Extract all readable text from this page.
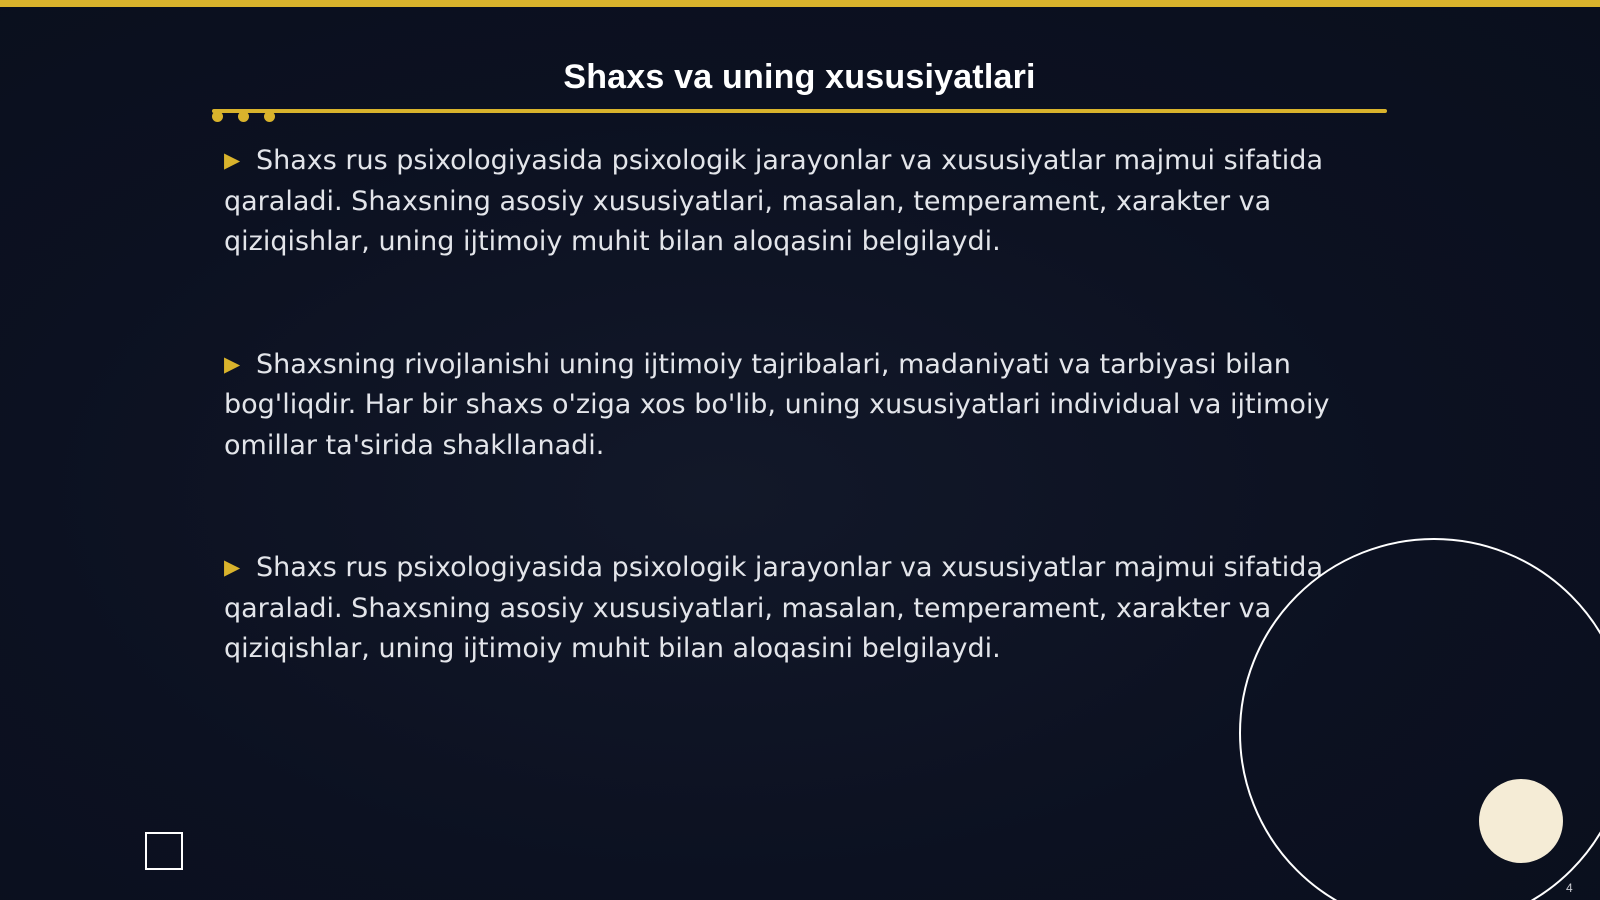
Shaxs va uning xususiyatlari

▶ Shaxs rus psixologiyasida psixologik jarayonlar va xususiyatlar majmui sifatida qaraladi. Shaxsning asosiy xususiyatlari, masalan, temperament, xarakter va qiziqishlar, uning ijtimoiy muhit bilan aloqasini belgilaydi.

▶ Shaxsning rivojlanishi uning ijtimoiy tajribalari, madaniyati va tarbiyasi bilan bog'liqdir. Har bir shaxs o'ziga xos bo'lib, uning xususiyatlari individual va ijtimoiy omillar ta'sirida shakllanadi.

▶ Shaxs rus psixologiyasida psixologik jarayonlar va xususiyatlar majmui sifatida qaraladi. Shaxsning asosiy xususiyatlari, masalan, temperament, xarakter va qiziqishlar, uning ijtimoiy muhit bilan aloqasini belgilaydi.

4
